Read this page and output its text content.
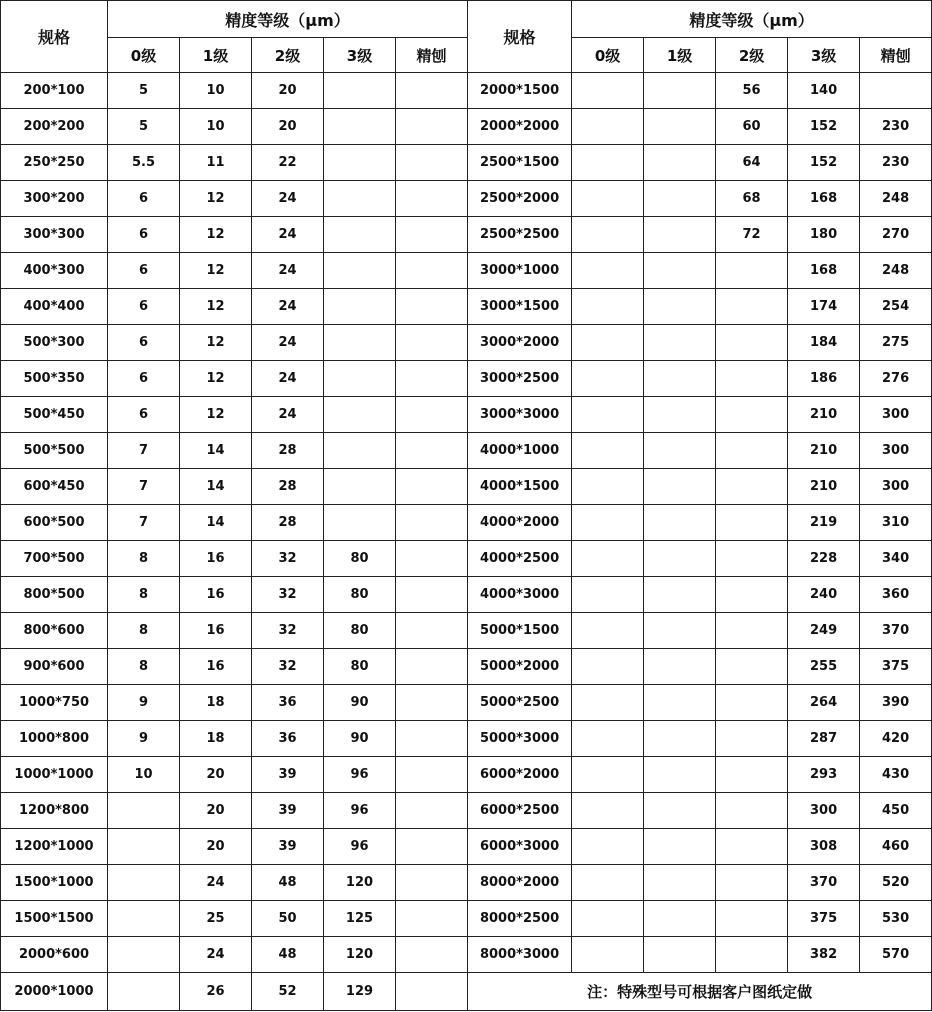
规格	精度等级（μm）					规格	精度等级（μm）				
	0级	1级	2级	3级	精刨		0级	1级	2级	3级	精刨
200*100	5	10	20			2000*1500			56	140	
200*200	5	10	20			2000*2000			60	152	230
250*250	5.5	11	22			2500*1500			64	152	230
300*200	6	12	24			2500*2000			68	168	248
300*300	6	12	24			2500*2500			72	180	270
400*300	6	12	24			3000*1000				168	248
400*400	6	12	24			3000*1500				174	254
500*300	6	12	24			3000*2000				184	275
500*350	6	12	24			3000*2500				186	276
500*450	6	12	24			3000*3000				210	300
500*500	7	14	28			4000*1000				210	300
600*450	7	14	28			4000*1500				210	300
600*500	7	14	28			4000*2000				219	310
700*500	8	16	32	80		4000*2500				228	340
800*500	8	16	32	80		4000*3000				240	360
800*600	8	16	32	80		5000*1500				249	370
900*600	8	16	32	80		5000*2000				255	375
1000*750	9	18	36	90		5000*2500				264	390
1000*800	9	18	36	90		5000*3000				287	420
1000*1000	10	20	39	96		6000*2000				293	430
1200*800		20	39	96		6000*2500				300	450
1200*1000		20	39	96		6000*3000				308	460
1500*1000		24	48	120		8000*2000				370	520
1500*1500		25	50	125		8000*2500				375	530
2000*600		24	48	120		8000*3000				382	570
2000*1000		26	52	129		注：特殊型号可根据客户图纸定做					
